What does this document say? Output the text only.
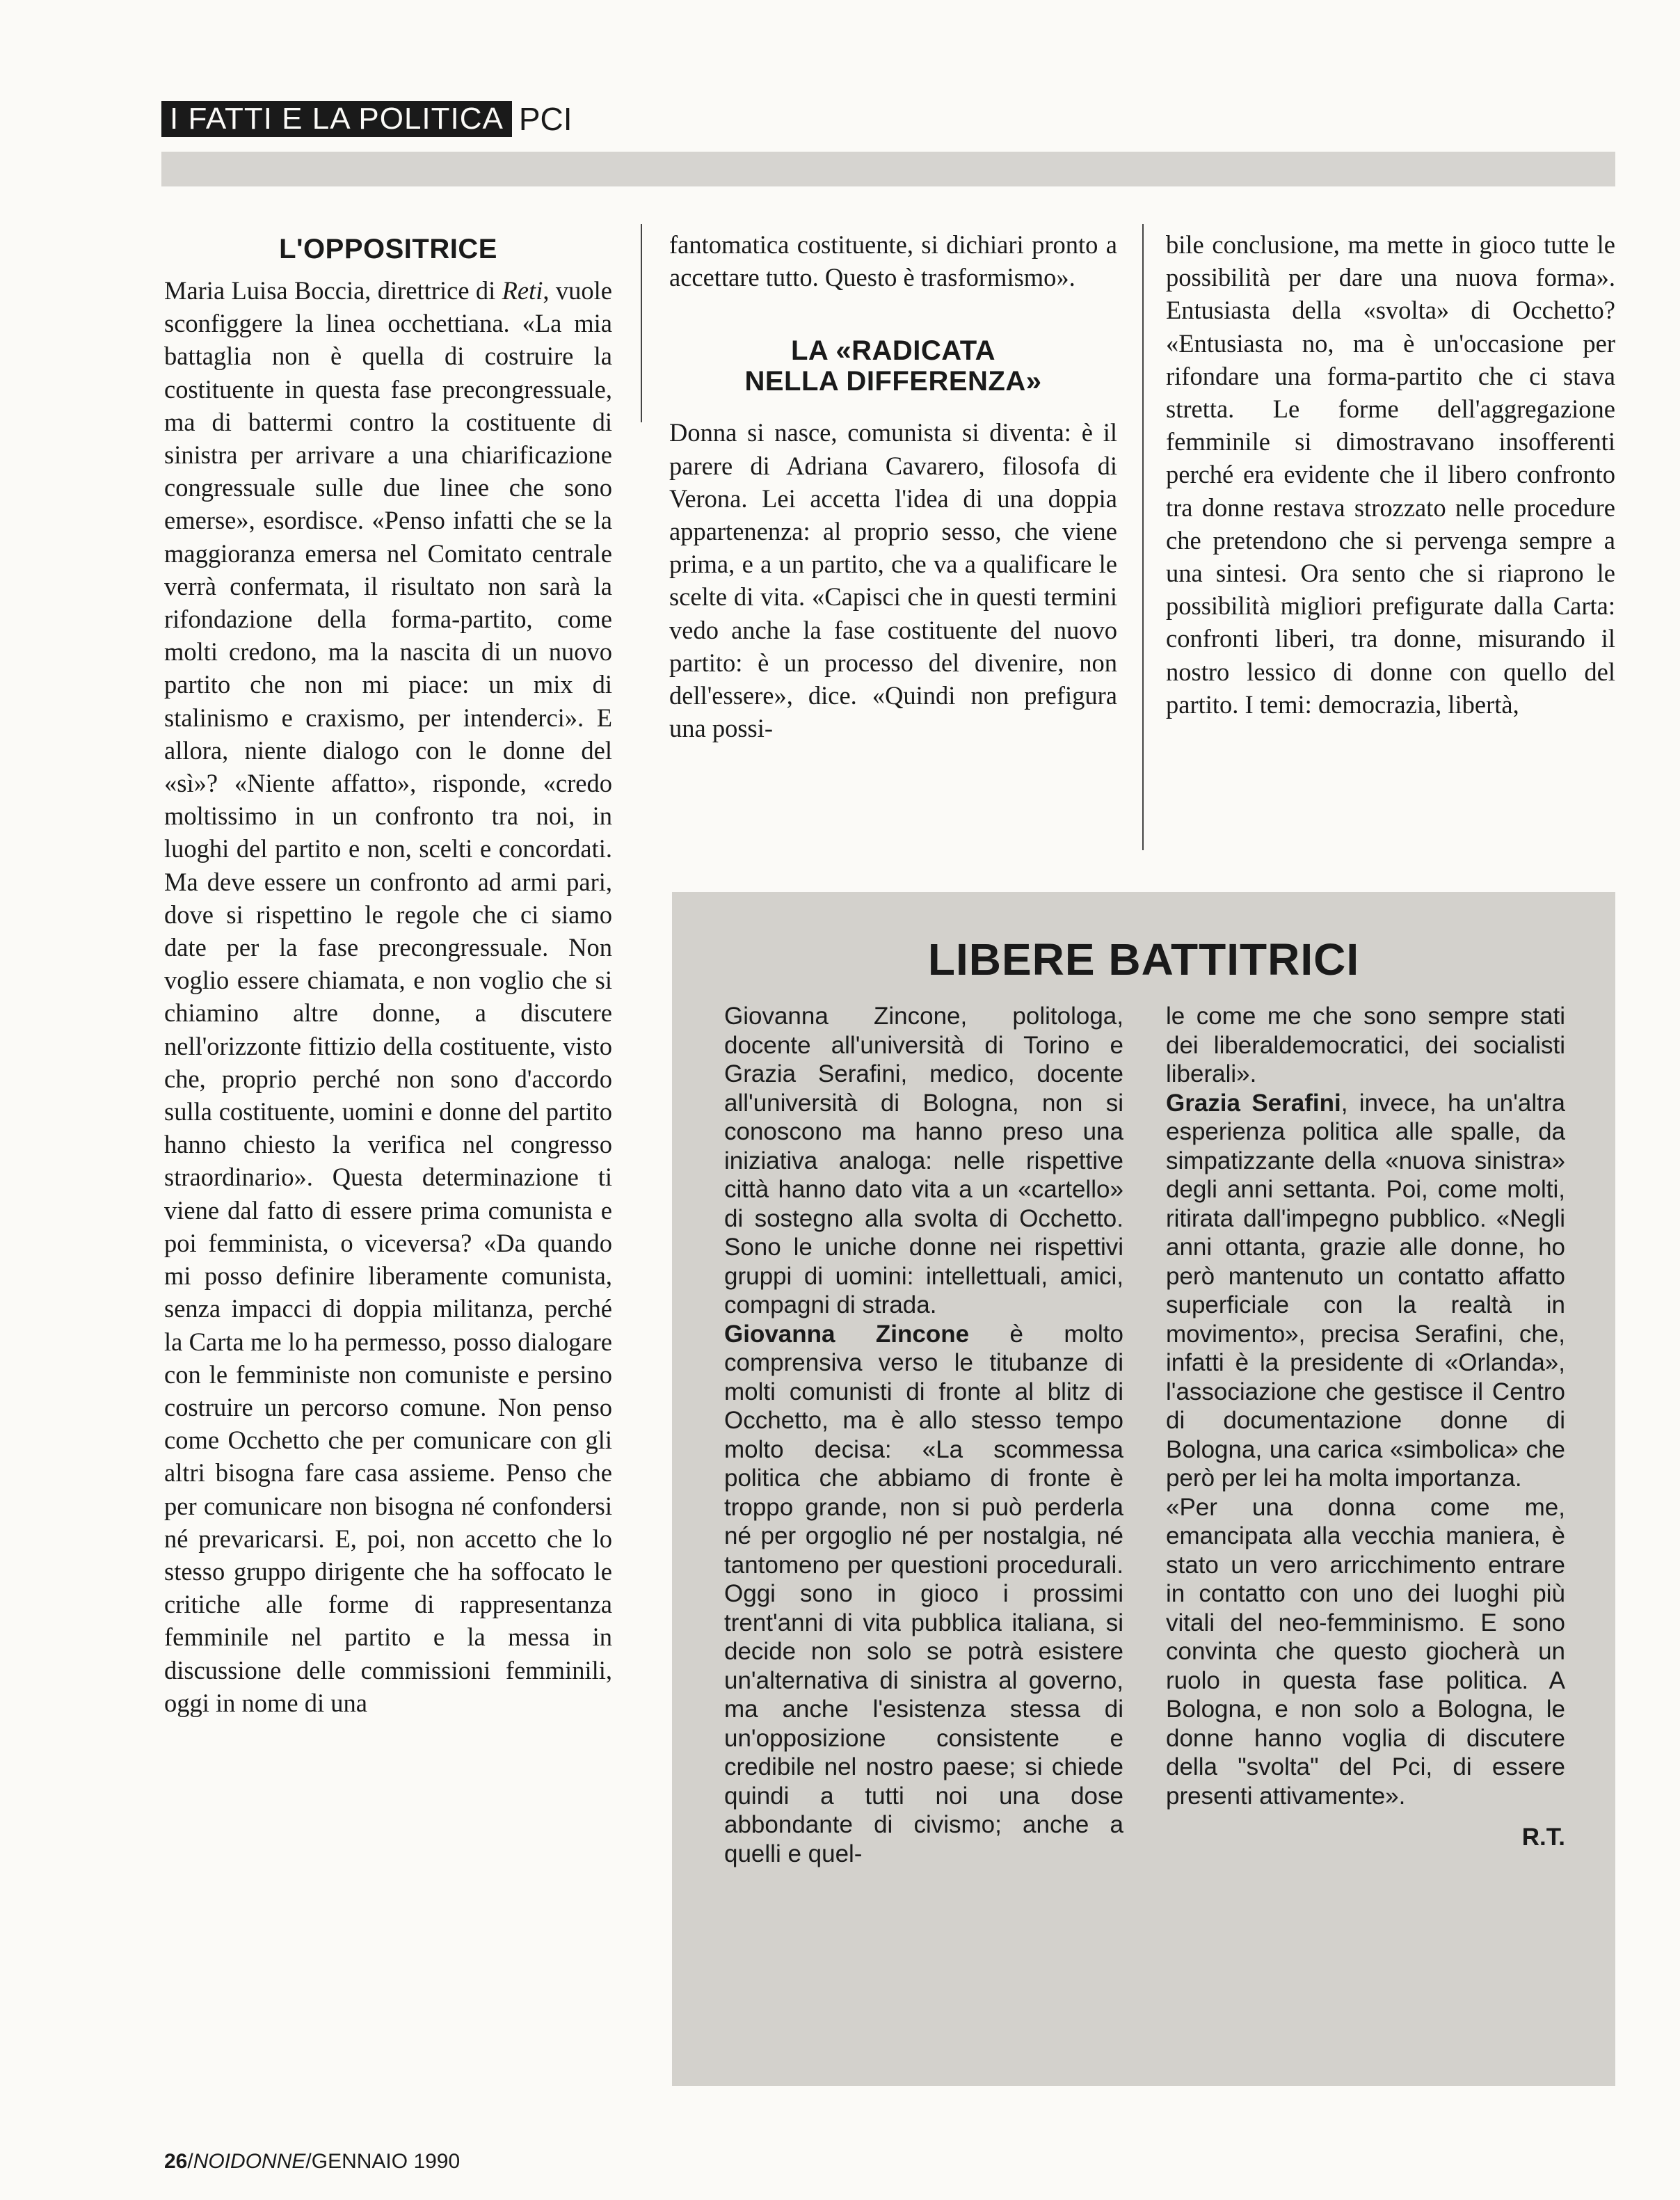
I FATTI E LA POLITICA PCI
L'OPPOSITRICE

Maria Luisa Boccia, direttrice di Reti, vuole sconfiggere la linea occhettiana. «La mia battaglia non è quella di costruire la costituente in questa fase precongressuale, ma di battermi contro la costituente di sinistra per arrivare a una chiarificazione congressuale sulle due linee che sono emerse», esordisce. «Penso infatti che se la maggioranza emersa nel Comitato centrale verrà confermata, il risultato non sarà la rifondazione della forma-partito, come molti credono, ma la nascita di un nuovo partito che non mi piace: un mix di stalinismo e craxismo, per intenderci». E allora, niente dialogo con le donne del «sì»? «Niente affatto», risponde, «credo moltissimo in un confronto tra noi, in luoghi del partito e non, scelti e concordati. Ma deve essere un confronto ad armi pari, dove si rispettino le regole che ci siamo date per la fase precongressuale. Non voglio essere chiamata, e non voglio che si chiamino altre donne, a discutere nell'orizzonte fittizio della costituente, visto che, proprio perché non sono d'accordo sulla costituente, uomini e donne del partito hanno chiesto la verifica nel congresso straordinario». Questa determinazione ti viene dal fatto di essere prima comunista e poi femminista, o viceversa? «Da quando mi posso definire liberamente comunista, senza impacci di doppia militanza, perché la Carta me lo ha permesso, posso dialogare con le femministe non comuniste e persino costruire un percorso comune. Non penso come Occhetto che per comunicare con gli altri bisogna fare casa assieme. Penso che per comunicare non bisogna né confondersi né prevaricarsi. E, poi, non accetto che lo stesso gruppo dirigente che ha soffocato le critiche alle forme di rappresentanza femminile nel partito e la messa in discussione delle commissioni femminili, oggi in nome di una

fantomatica costituente, si dichiari pronto a accettare tutto. Questo è trasformismo».

LA «RADICATA
NELLA DIFFERENZA»

Donna si nasce, comunista si diventa: è il parere di Adriana Cavarero, filosofa di Verona. Lei accetta l'idea di una doppia appartenenza: al proprio sesso, che viene prima, e a un partito, che va a qualificare le scelte di vita. «Capisci che in questi termini vedo anche la fase costituente del nuovo partito: è un processo del divenire, non dell'essere», dice. «Quindi non prefigura una possi-

bile conclusione, ma mette in gioco tutte le possibilità per dare una nuova forma». Entusiasta della «svolta» di Occhetto? «Entusiasta no, ma è un'occasione per rifondare una forma-partito che ci stava stretta. Le forme dell'aggregazione femminile si dimostravano insofferenti perché era evidente che il libero confronto tra donne restava strozzato nelle procedure che pretendono che si pervenga sempre a una sintesi. Ora sento che si riaprono le possibilità migliori prefigurate dalla Carta: confronti liberi, tra donne, misurando il nostro lessico di donne con quello del partito. I temi: democrazia, libertà,

LIBERE BATTITRICI

Giovanna Zincone, politologa, docente all'università di Torino e Grazia Serafini, medico, docente all'università di Bologna, non si conoscono ma hanno preso una iniziativa analoga: nelle rispettive città hanno dato vita a un «cartello» di sostegno alla svolta di Occhetto. Sono le uniche donne nei rispettivi gruppi di uomini: intellettuali, amici, compagni di strada.

Giovanna Zincone è molto comprensiva verso le titubanze di molti comunisti di fronte al blitz di Occhetto, ma è allo stesso tempo molto decisa: «La scommessa politica che abbiamo di fronte è troppo grande, non si può perderla né per orgoglio né per nostalgia, né tantomeno per questioni procedurali. Oggi sono in gioco i prossimi trent'anni di vita pubblica italiana, si decide non solo se potrà esistere un'alternativa di sinistra al governo, ma anche l'esistenza stessa di un'opposizione consistente e credibile nel nostro paese; si chiede quindi a tutti noi una dose abbondante di civismo; anche a quelli e quel-

le come me che sono sempre stati dei liberaldemocratici, dei socialisti liberali».

Grazia Serafini, invece, ha un'altra esperienza politica alle spalle, da simpatizzante della «nuova sinistra» degli anni settanta. Poi, come molti, ritirata dall'impegno pubblico. «Negli anni ottanta, grazie alle donne, ho però mantenuto un contatto affatto superficiale con la realtà in movimento», precisa Serafini, che, infatti è la presidente di «Orlanda», l'associazione che gestisce il Centro di documentazione donne di Bologna, una carica «simbolica» che però per lei ha molta importanza.

«Per una donna come me, emancipata alla vecchia maniera, è stato un vero arricchimento entrare in contatto con uno dei luoghi più vitali del neo-femminismo. E sono convinta che questo giocherà un ruolo in questa fase politica. A Bologna, e non solo a Bologna, le donne hanno voglia di discutere della "svolta" del Pci, di essere presenti attivamente».

R.T.

26/NOIDONNE/GENNAIO 1990
